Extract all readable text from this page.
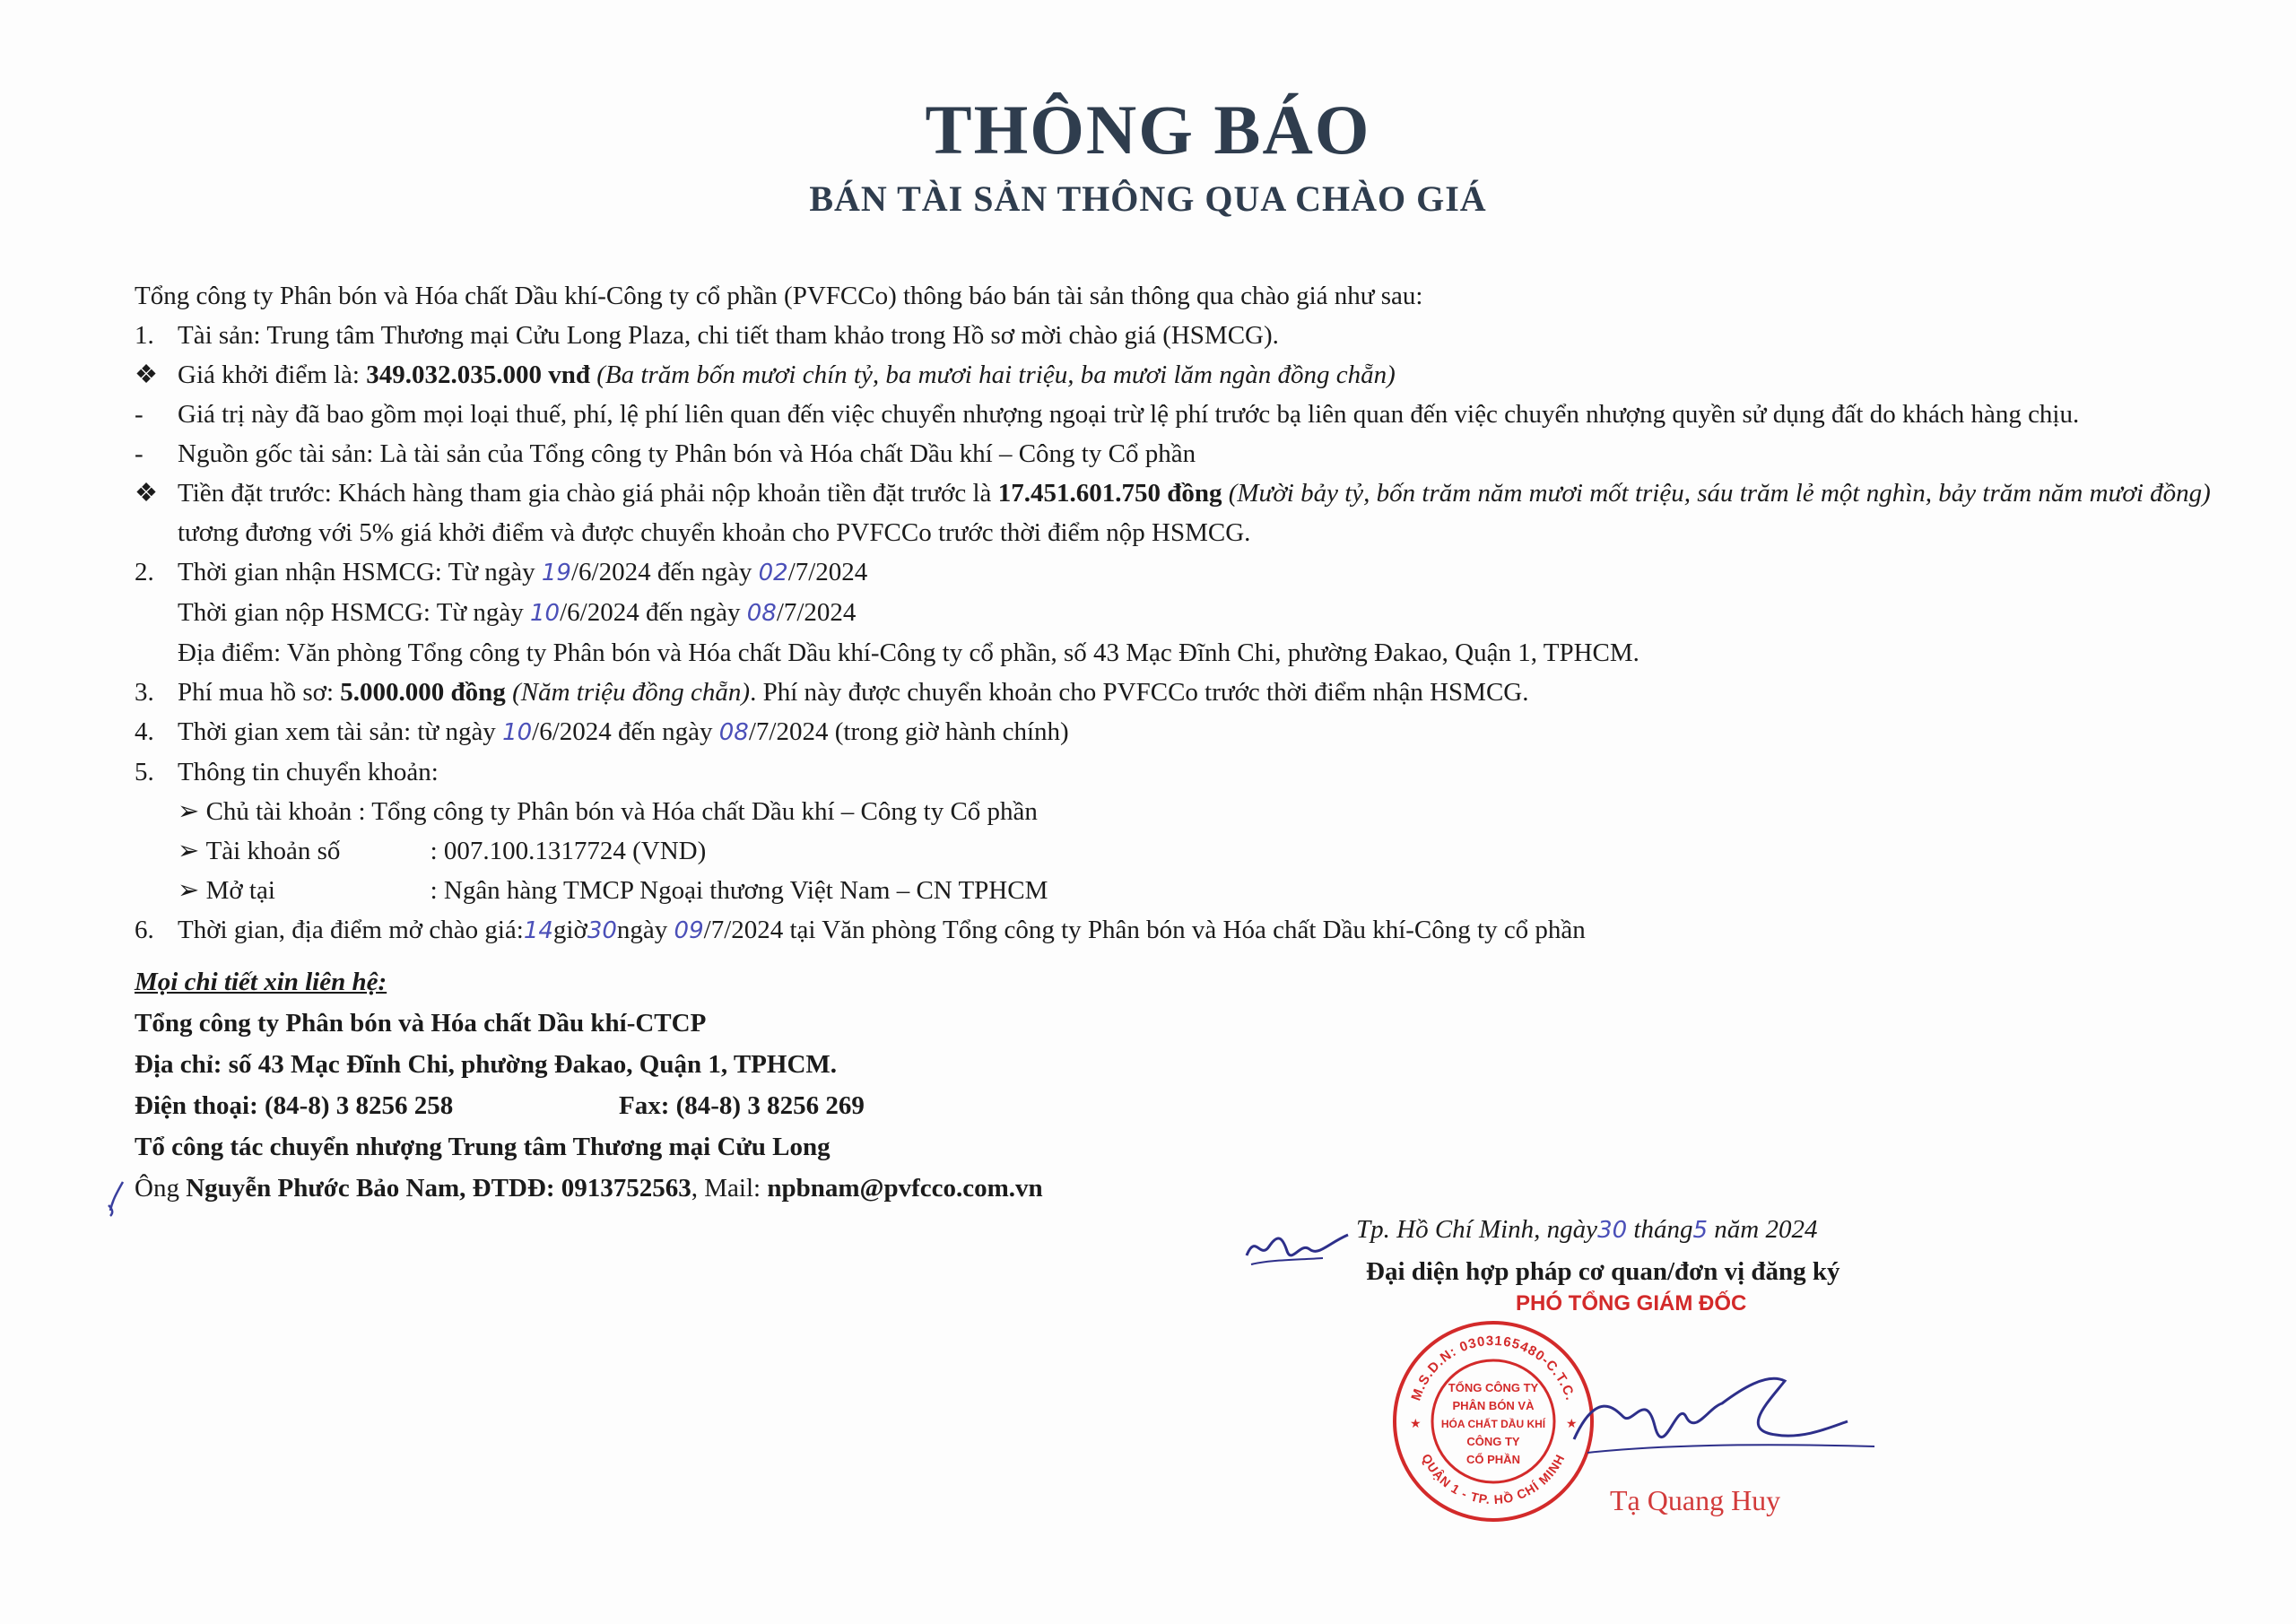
THÔNG BÁO
BÁN TÀI SẢN THÔNG QUA CHÀO GIÁ
Tổng công ty Phân bón và Hóa chất Dầu khí-Công ty cổ phần (PVFCCo) thông báo bán tài sản thông qua chào giá như sau:
1. Tài sản: Trung tâm Thương mại Cửu Long Plaza, chi tiết tham khảo trong Hồ sơ mời chào giá (HSMCG).
❖ Giá khởi điểm là: 349.032.035.000 vnđ (Ba trăm bốn mươi chín tỷ, ba mươi hai triệu, ba mươi lăm ngàn đồng chẵn)
- Giá trị này đã bao gồm mọi loại thuế, phí, lệ phí liên quan đến việc chuyển nhượng ngoại trừ lệ phí trước bạ liên quan đến việc chuyển nhượng quyền sử dụng đất do khách hàng chịu.
- Nguồn gốc tài sản: Là tài sản của Tổng công ty Phân bón và Hóa chất Dầu khí – Công ty Cổ phần
❖ Tiền đặt trước: Khách hàng tham gia chào giá phải nộp khoản tiền đặt trước là 17.451.601.750 đồng (Mười bảy tỷ, bốn trăm năm mươi mốt triệu, sáu trăm lẻ một nghìn, bảy trăm năm mươi đồng) tương đương với 5% giá khởi điểm và được chuyển khoản cho PVFCCo trước thời điểm nộp HSMCG.
2. Thời gian nhận HSMCG: Từ ngày 19/6/2024 đến ngày 02/7/2024
Thời gian nộp HSMCG: Từ ngày 10/6/2024 đến ngày 08/7/2024
Địa điểm: Văn phòng Tổng công ty Phân bón và Hóa chất Dầu khí-Công ty cổ phần, số 43 Mạc Đĩnh Chi, phường Đakao, Quận 1, TPHCM.
3. Phí mua hồ sơ: 5.000.000 đồng (Năm triệu đồng chẵn). Phí này được chuyển khoản cho PVFCCo trước thời điểm nhận HSMCG.
4. Thời gian xem tài sản: từ ngày 10/6/2024 đến ngày 08/7/2024 (trong giờ hành chính)
5. Thông tin chuyển khoản:
➢ Chủ tài khoản : Tổng công ty Phân bón và Hóa chất Dầu khí – Công ty Cổ phần
➢ Tài khoản số	: 007.100.1317724 (VND)
➢ Mở tại	: Ngân hàng TMCP Ngoại thương Việt Nam – CN TPHCM
6. Thời gian, địa điểm mở chào giá:14giờ30ngày 09/7/2024 tại Văn phòng Tổng công ty Phân bón và Hóa chất Dầu khí-Công ty cổ phần
Mọi chi tiết xin liên hệ:
Tổng công ty Phân bón và Hóa chất Dầu khí-CTCP
Địa chỉ: số 43 Mạc Đĩnh Chi, phường Đakao, Quận 1, TPHCM.
Điện thoại: (84-8) 3 8256 258	Fax: (84-8) 3 8256 269
Tổ công tác chuyển nhượng Trung tâm Thương mại Cửu Long
Ông Nguyễn Phước Bảo Nam, ĐTDĐ: 0913752563, Mail: npbnam@pvfcco.com.vn
Tp. Hồ Chí Minh, ngày30 tháng5 năm 2024
Đại diện hợp pháp cơ quan/đơn vị đăng ký
PHÓ TỔNG GIÁM ĐỐC
M.S.D.N: 0303165480-C.T.C.
QUẬN 1 - TP. HỒ CHÍ MINH
TỔNG CÔNG TY
PHÂN BÓN VÀ
HÓA CHẤT DẦU KHÍ
CÔNG TY
CỔ PHẦN
★	★
Tạ Quang Huy
